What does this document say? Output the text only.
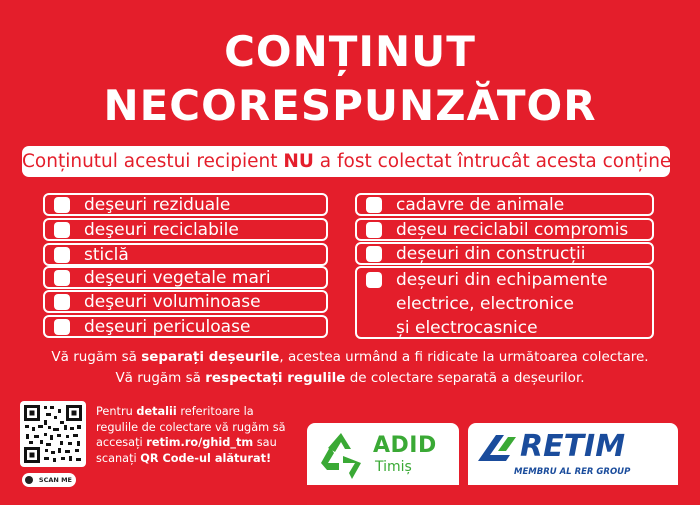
CONȚINUT
NECORESPUNZĂTOR
Conținutul acestui recipient NU a fost colectat întrucât acesta conține
deşeuri reziduale
deşeuri reciclabile
sticlă
deşeuri vegetale mari
deşeuri voluminoase
deşeuri periculoase
cadavre de animale
deșeu reciclabil compromis
deșeuri din construcții
deșeuri din echipamente
electrice, electronice
și electrocasnice
Vă rugăm să separați deșeurile, acestea urmând a fi ridicate la următoarea colectare.
Vă rugăm să respectați regulile de colectare separată a deșeurilor.
SCAN ME
Pentru detalii referitoare la regulile de colectare vă rugăm să accesați retim.ro/ghid_tm sau scanați QR Code-ul alăturat!	ADID
Timiș
RETIM
MEMBRU AL RER GROUP
